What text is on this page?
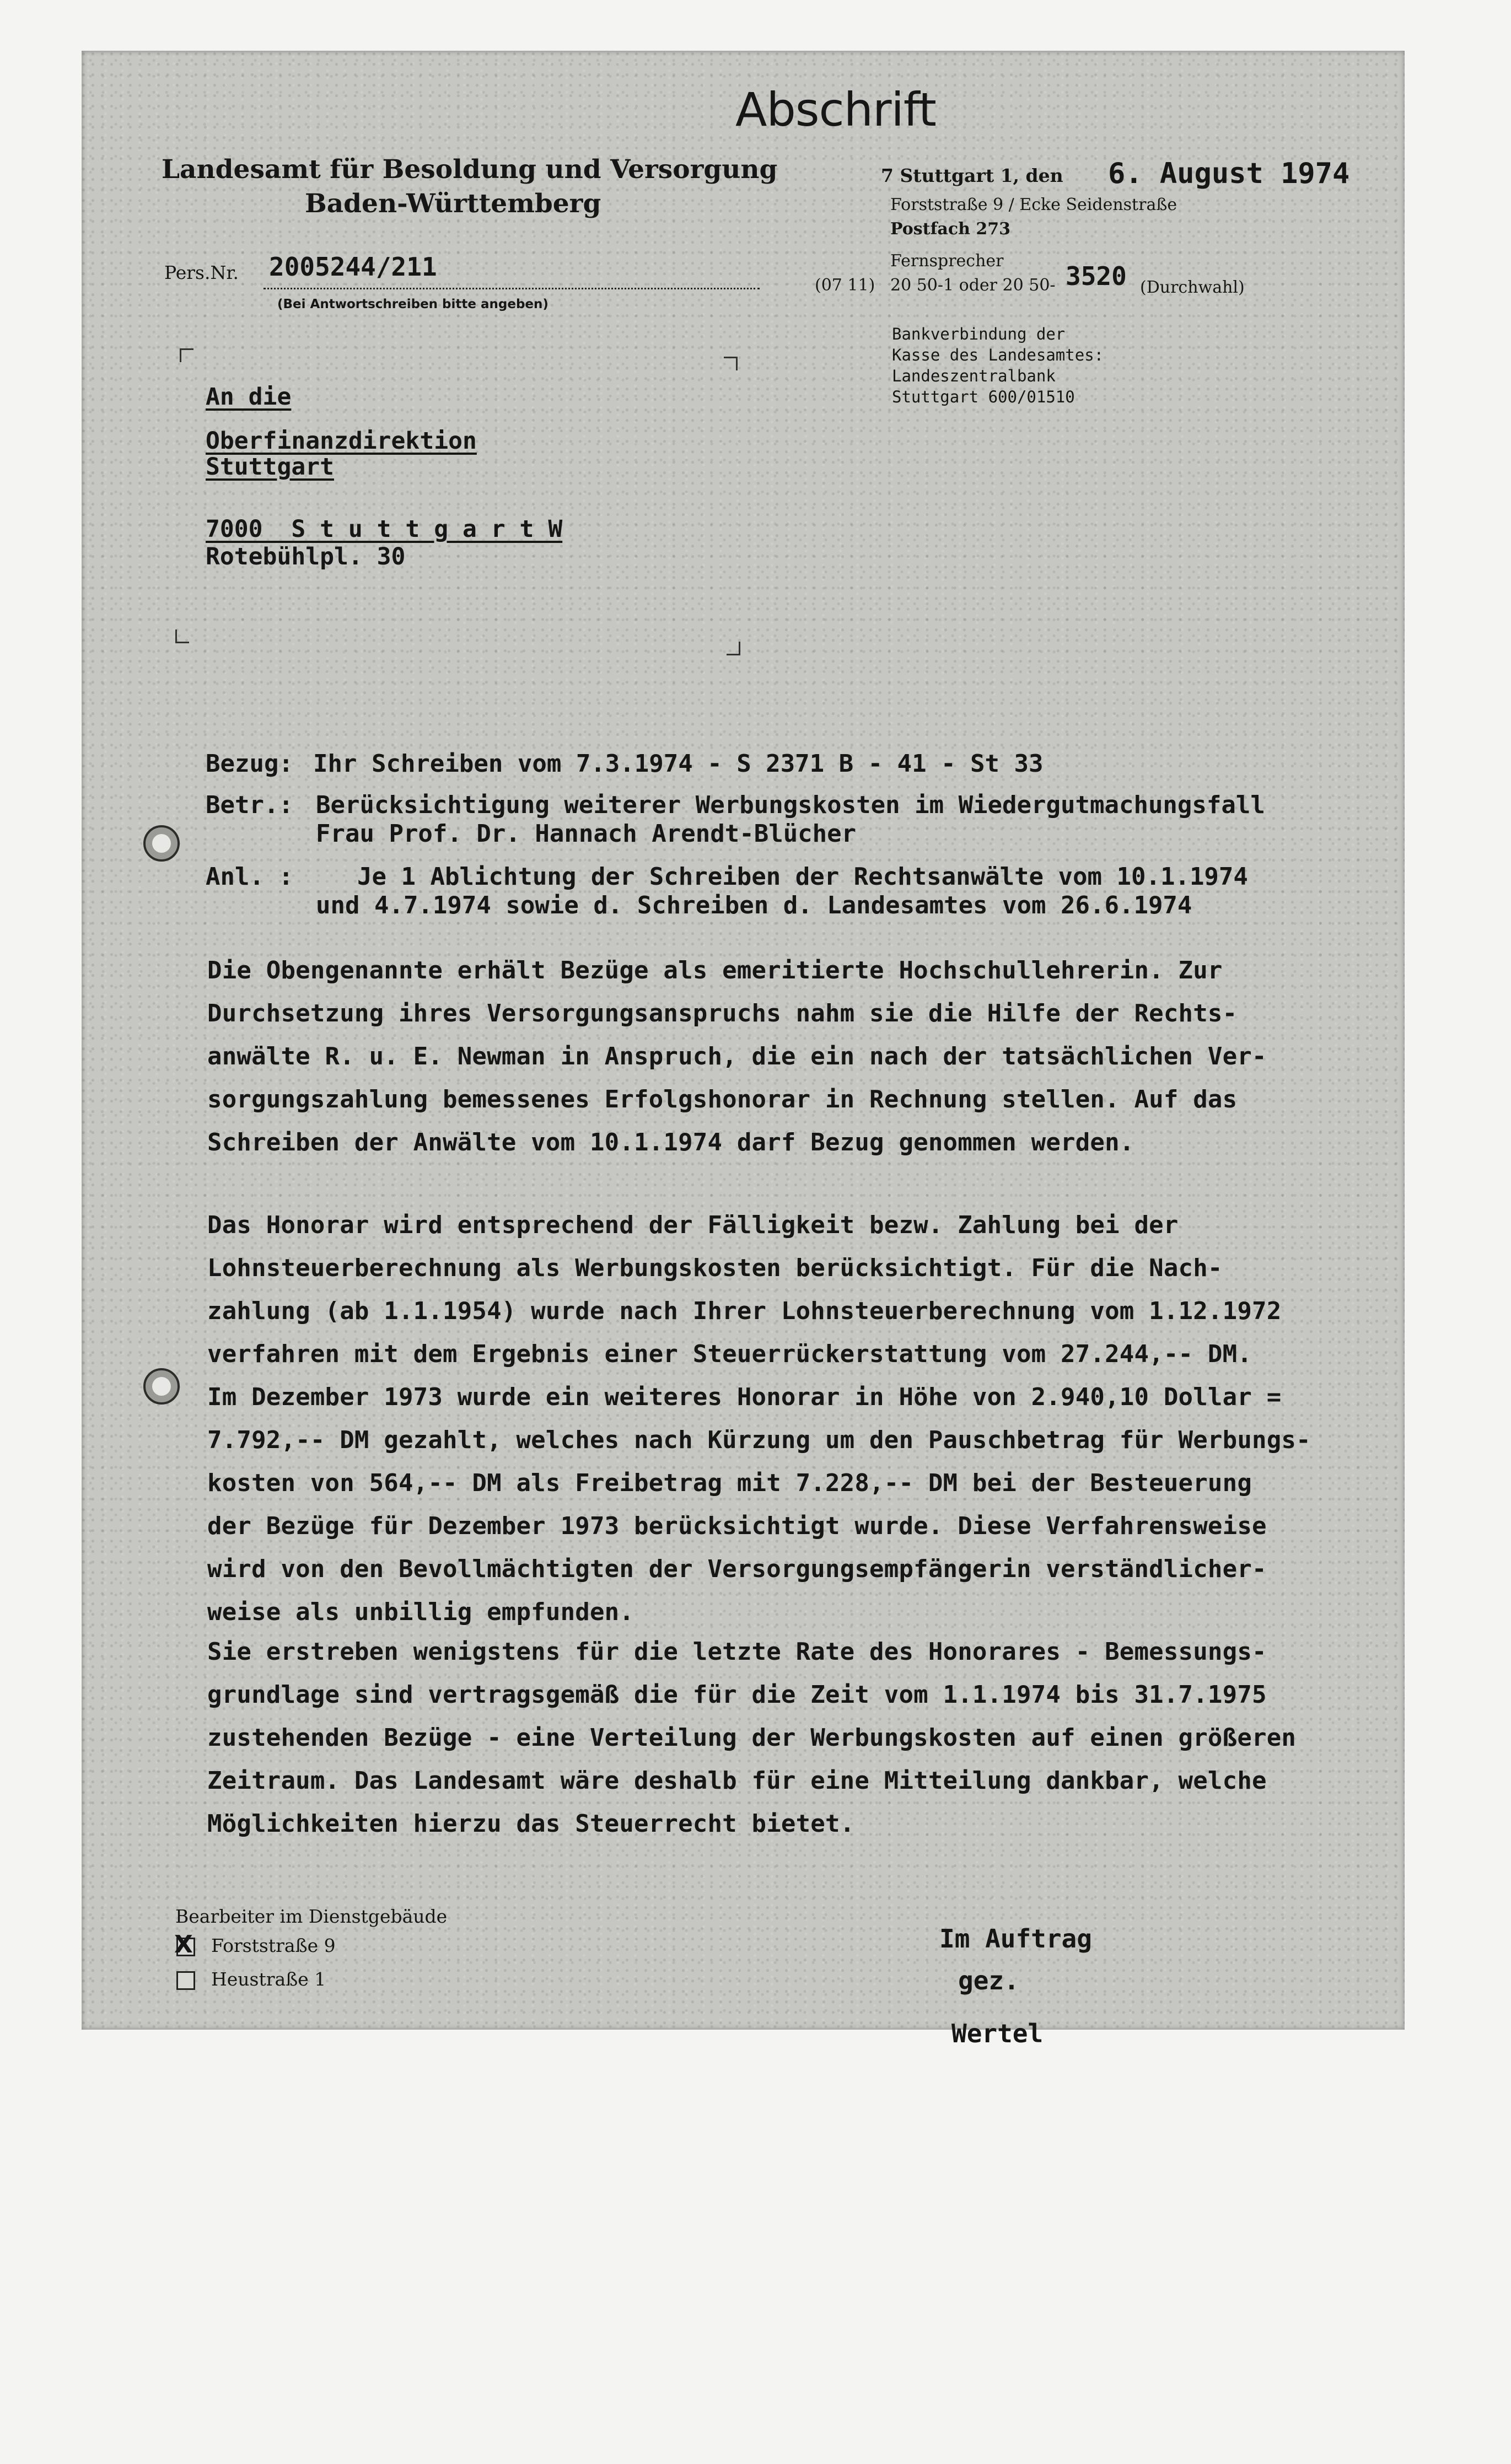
Abschrift
Landesamt für Besoldung und Versorgung
Baden-Württemberg
Pers.Nr. 2005244/211
(Bei Antwortschreiben bitte angeben)
7 Stuttgart 1, den 6. August 1974
Forststraße 9 / Ecke Seidenstraße
Postfach 273
Fernsprecher
(07 11) 20 50-1 oder 20 50- 3520 (Durchwahl)
Bankverbindung der
Kasse des Landesamtes:
Landeszentralbank
Stuttgart 600/01510
An die
Oberfinanzdirektion
Stuttgart
7000  S t u t t g a r t W
Rotebühlpl. 30
Bezug: Ihr Schreiben vom 7.3.1974 - S 2371 B - 41 - St 33
Betr.: Berücksichtigung weiterer Werbungskosten im Wiedergutmachungsfall
Frau Prof. Dr. Hannach Arendt-Blücher
Anl. :	Je 1 Ablichtung der Schreiben der Rechtsanwälte vom 10.1.1974
und 4.7.1974 sowie d. Schreiben d. Landesamtes vom 26.6.1974

Die Obengenannte erhält Bezüge als emeritierte Hochschullehrerin. Zur
Durchsetzung ihres Versorgungsanspruchs nahm sie die Hilfe der Rechts-
anwälte R. u. E. Newman in Anspruch, die ein nach der tatsächlichen Ver-
sorgungszahlung bemessenes Erfolgshonorar in Rechnung stellen. Auf das
Schreiben der Anwälte vom 10.1.1974 darf Bezug genommen werden.

Das Honorar wird entsprechend der Fälligkeit bezw. Zahlung bei der
Lohnsteuerberechnung als Werbungskosten berücksichtigt. Für die Nach-
zahlung (ab 1.1.1954) wurde nach Ihrer Lohnsteuerberechnung vom 1.12.1972
verfahren mit dem Ergebnis einer Steuerrückerstattung vom 27.244,-- DM.
Im Dezember 1973 wurde ein weiteres Honorar in Höhe von 2.940,10 Dollar =
7.792,-- DM gezahlt, welches nach Kürzung um den Pauschbetrag für Werbungs-
kosten von 564,-- DM als Freibetrag mit 7.228,-- DM bei der Besteuerung
der Bezüge für Dezember 1973 berücksichtigt wurde. Diese Verfahrensweise
wird von den Bevollmächtigten der Versorgungsempfängerin verständlicher-
weise als unbillig empfunden.

Sie erstreben wenigstens für die letzte Rate des Honorares - Bemessungs-
grundlage sind vertragsgemäß die für die Zeit vom 1.1.1974 bis 31.7.1975
zustehenden Bezüge - eine Verteilung der Werbungskosten auf einen größeren
Zeitraum. Das Landesamt wäre deshalb für eine Mitteilung dankbar, welche
Möglichkeiten hierzu das Steuerrecht bietet.

Bearbeiter im Dienstgebäude
X Forststraße 9
Heustraße 1
Im Auftrag
gez.
Wertel
